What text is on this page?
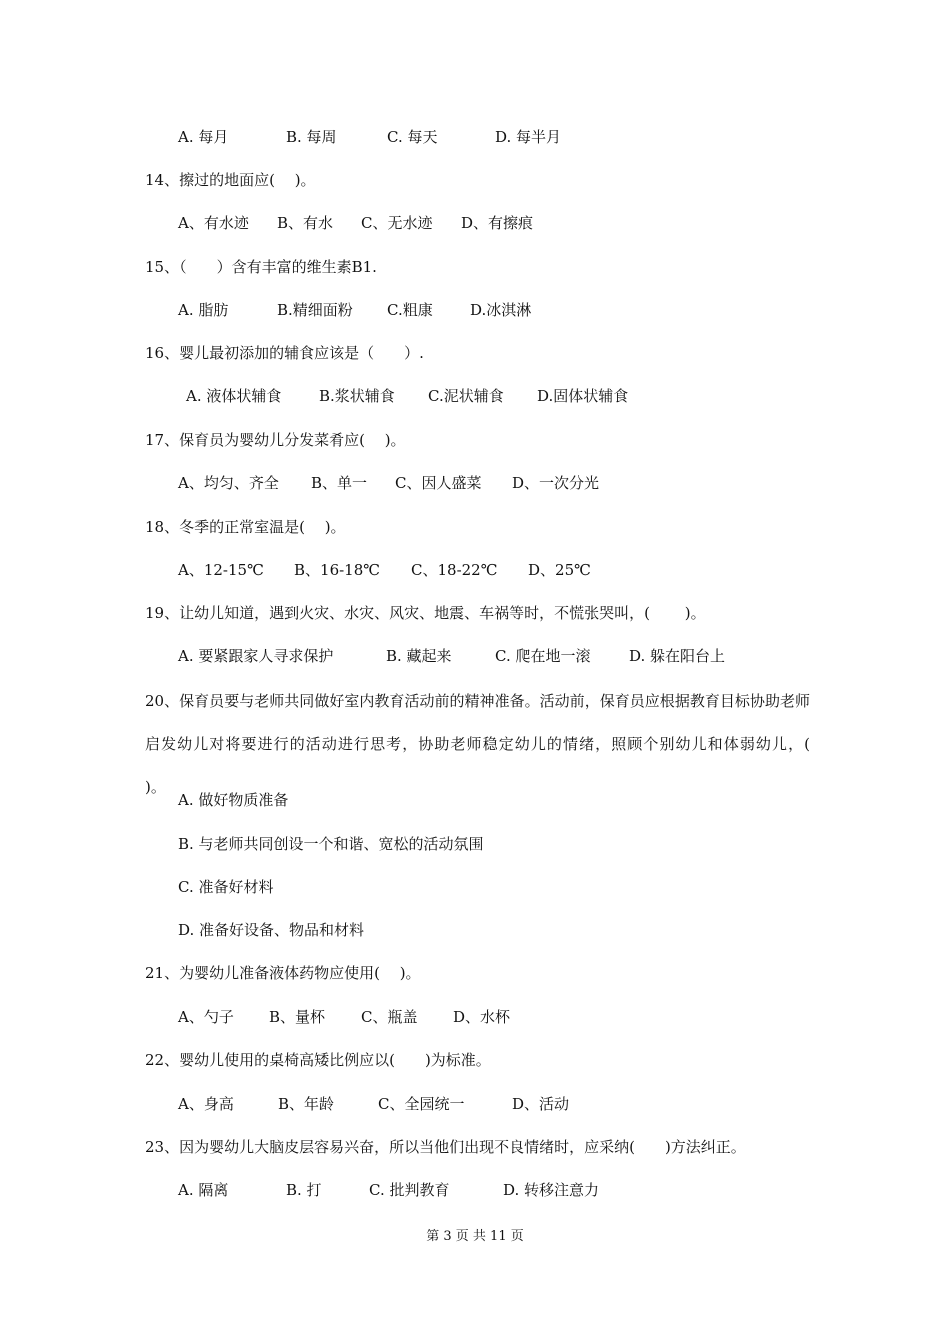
A. 每月	B. 每周	C. 每天	D. 每半月
14、擦过的地面应(　 )。
A、有水迹 B、有水 C、无水迹 D、有擦痕
15、（　　）含有丰富的维生素B1.
A. 脂肪	B.精细面粉 C.粗康 D.冰淇淋
16、婴儿最初添加的辅食应该是（　　）.
A. 液体状辅食	B.浆状辅食 C.泥状辅食 D.固体状辅食
17、保育员为婴幼儿分发菜肴应(　 )。
A、均匀、齐全 B、单一 C、因人盛菜 D、一次分光
18、冬季的正常室温是(　 )。
A、12-15℃ B、16-18℃ C、18-22℃ D、25℃
19、让幼儿知道，遇到火灾、水灾、风灾、地震、车祸等时，不慌张哭叫，(　　 )。
A. 要紧跟家人寻求保护	B. 藏起来	C. 爬在地一滚	D. 躲在阳台上
20、保育员要与老师共同做好室内教育活动前的精神准备。活动前，保育员应根据教育目标协助老师启发幼儿对将要进行的活动进行思考，协助老师稳定幼儿的情绪，照顾个别幼儿和体弱幼儿，(　　 )。
A. 做好物质准备
B. 与老师共同创设一个和谐、宽松的活动氛围
C. 准备好材料
D. 准备好设备、物品和材料
21、为婴幼儿准备液体药物应使用(　 )。
A、勺子 B、量杯 C、瓶盖 D、水杯
22、婴幼儿使用的桌椅高矮比例应以(　　)为标准。
A、身高	B、年龄	C、全园统一	D、活动
23、因为婴幼儿大脑皮层容易兴奋，所以当他们出现不良情绪时，应采纳(　　)方法纠正。
A. 隔离	B. 打	C. 批判教育	D. 转移注意力
第 3 页 共 11 页
